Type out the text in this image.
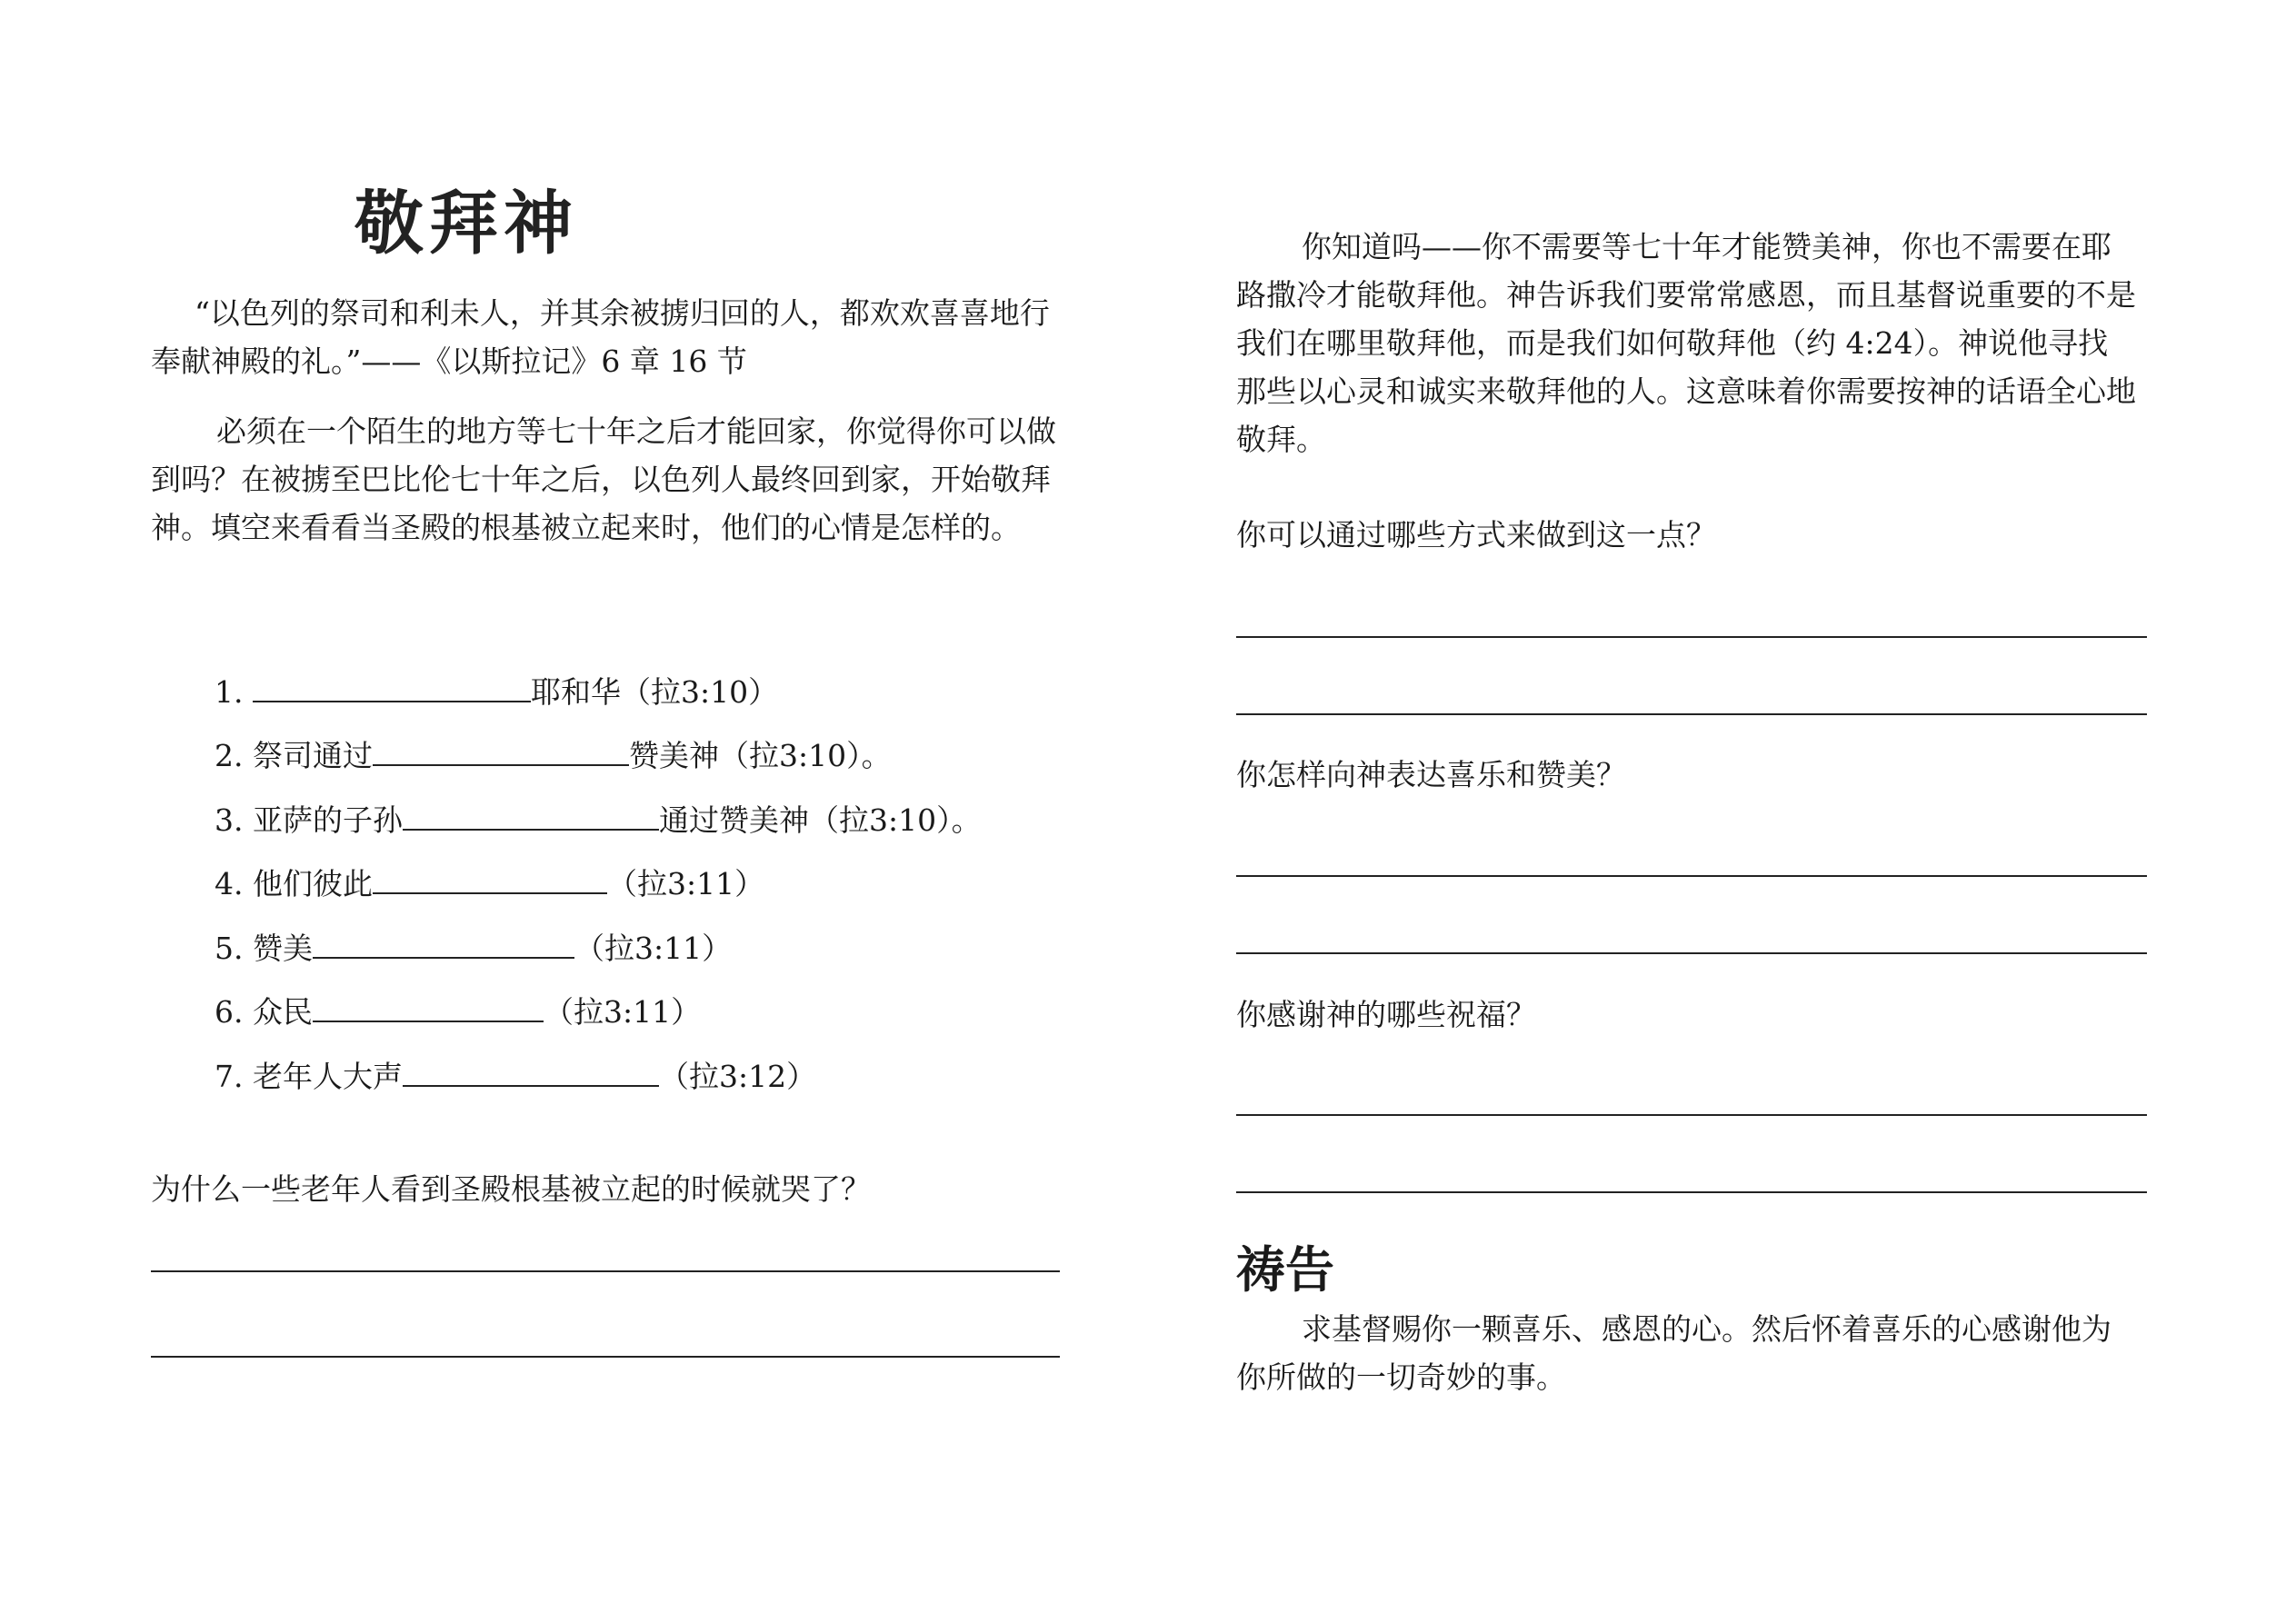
敬拜神

“以色列的祭司和利未人，并其余被掳归回的人，都欢欢喜喜地行奉献神殿的礼。”——《以斯拉记》6 章 16 节

必须在一个陌生的地方等七十年之后才能回家，你觉得你可以做到吗？在被掳至巴比伦七十年之后，以色列人最终回到家，开始敬拜神。填空来看看当圣殿的根基被立起来时，他们的心情是怎样的。

1.	耶和华（拉3:10）
2. 祭司通过	赞美神（拉3:10）。
3. 亚萨的子孙	通过赞美神（拉3:10）。
4. 他们彼此	（拉3:11）
5. 赞美	（拉3:11）
6. 众民	（拉3:11）
7. 老年人大声	（拉3:12）

为什么一些老年人看到圣殿根基被立起的时候就哭了？

你知道吗——你不需要等七十年才能赞美神，你也不需要在耶路撒冷才能敬拜他。神告诉我们要常常感恩，而且基督说重要的不是我们在哪里敬拜他，而是我们如何敬拜他（约 4:24）。神说他寻找那些以心灵和诚实来敬拜他的人。这意味着你需要按神的话语全心地敬拜。

你可以通过哪些方式来做到这一点？

你怎样向神表达喜乐和赞美？

你感谢神的哪些祝福？

祷告

求基督赐你一颗喜乐、感恩的心。然后怀着喜乐的心感谢他为你所做的一切奇妙的事。
